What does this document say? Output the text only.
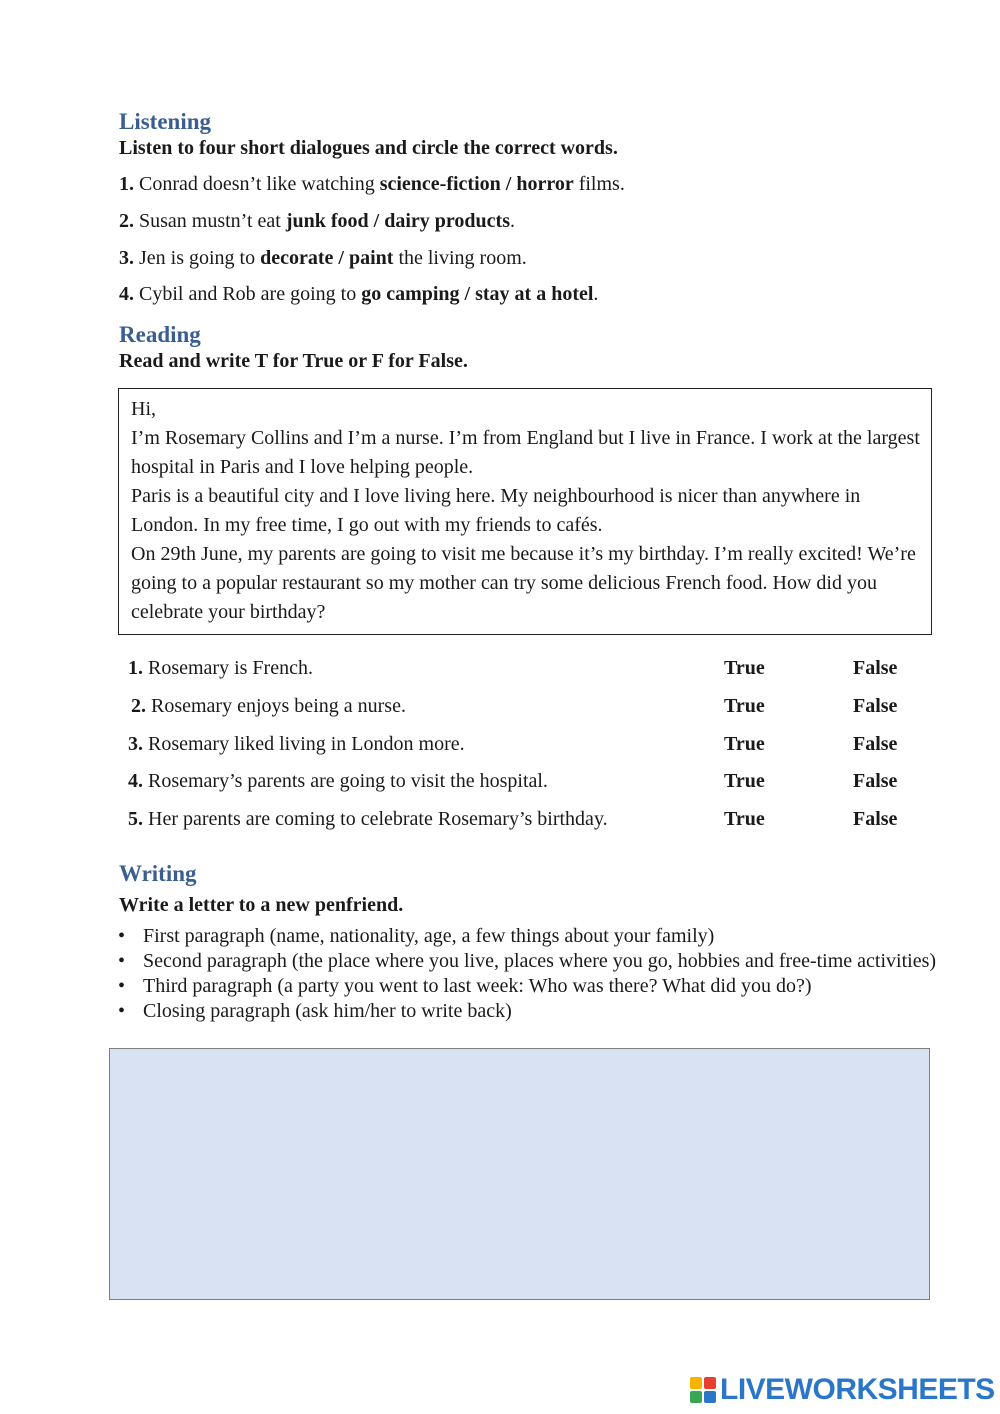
Listening
Listen to four short dialogues and circle the correct words.
1. Conrad doesn’t like watching science-fiction / horror films.
2. Susan mustn’t eat junk food / dairy products.
3. Jen is going to decorate / paint the living room.
4. Cybil and Rob are going to go camping / stay at a hotel.
Reading
Read and write T for True or F for False.

Hi,

I’m Rosemary Collins and I’m a nurse. I’m from England but I live in France. I work at the largest hospital in Paris and I love helping people.

Paris is a beautiful city and I love living here. My neighbourhood is nicer than anywhere in London. In my free time, I go out with my friends to cafés.

On 29th June, my parents are going to visit me because it’s my birthday. I’m really excited! We’re going to a popular restaurant so my mother can try some delicious French food. How did you celebrate your birthday?

1. Rosemary is French.	True	False
2. Rosemary enjoys being a nurse.	True	False
3. Rosemary liked living in London more.	True	False
4. Rosemary’s parents are going to visit the hospital.	True	False
5. Her parents are coming to celebrate Rosemary’s birthday.	True	False
Writing
Write a letter to a new penfriend.
• First paragraph (name, nationality, age, a few things about your family)
• Second paragraph (the place where you live, places where you go, hobbies and free-time activities)
• Third paragraph (a party you went to last week: Who was there? What did you do?)
• Closing paragraph (ask him/her to write back)
LIVEWORKSHEETS
